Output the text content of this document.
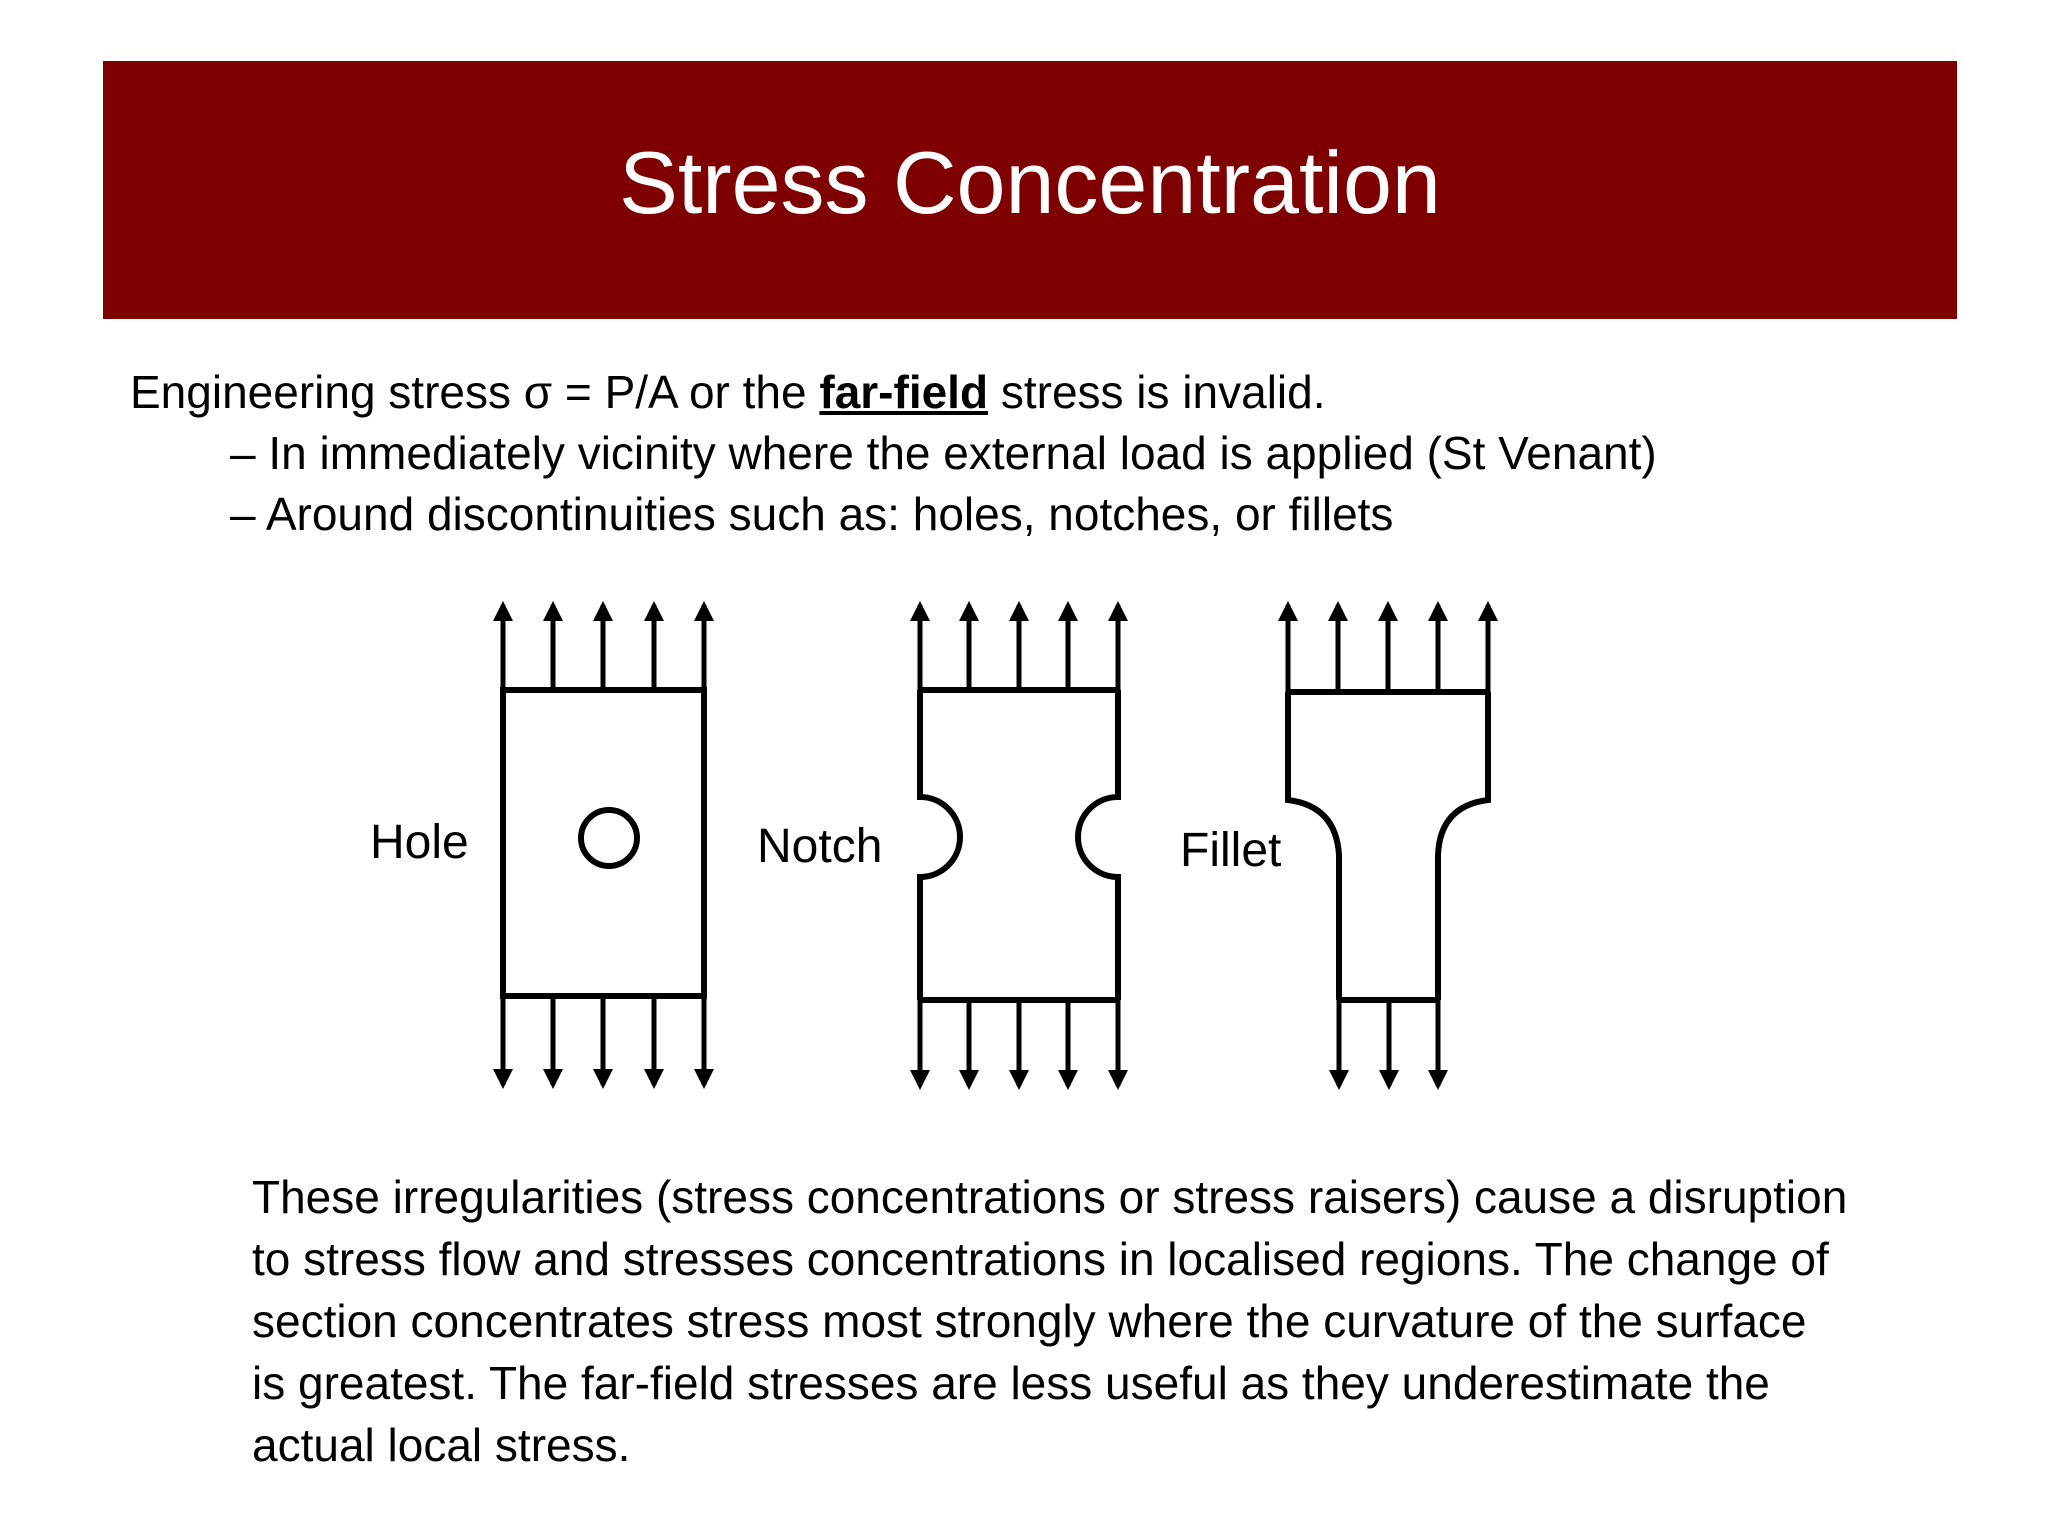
Stress Concentration

Engineering stress σ = P/A or the far-field stress is invalid.

– In immediately vicinity where the external load is applied (St Venant)

– Around discontinuities such as: holes, notches, or fillets

Hole	Notch	Fillet

These irregularities (stress concentrations or stress raisers) cause a disruption to stress flow and stresses concentrations in localised regions. The change of section concentrates stress most strongly where the curvature of the surface is greatest. The far-field stresses are less useful as they underestimate the actual local stress.
